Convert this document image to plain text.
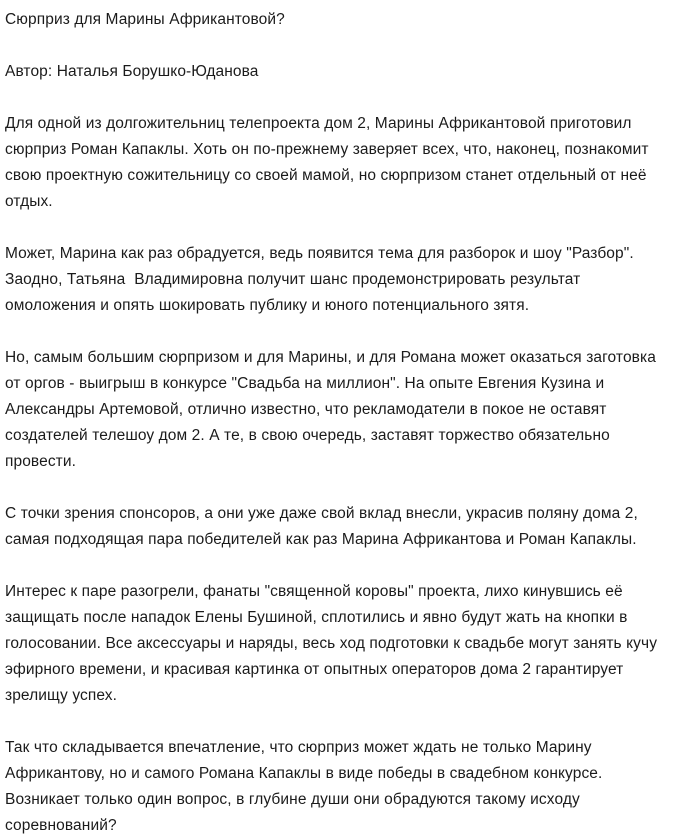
Сюрприз для Марины Африкантовой?
Автор: Наталья Борушко-Юданова

Для одной из долгожительниц телепроекта дом 2, Марины Африкантовой приготовил сюрприз Роман Капаклы. Хоть он по-прежнему заверяет всех, что, наконец, познакомит свою проектную сожительницу со своей мамой, но сюрпризом станет отдельный от неё отдых.

Может, Марина как раз обрадуется, ведь появится тема для разборок и шоу "Разбор". Заодно, Татьяна  Владимировна получит шанс продемонстрировать результат омоложения и опять шокировать публику и юного потенциального зятя.

Но, самым большим сюрпризом и для Марины, и для Романа может оказаться заготовка от оргов - выигрыш в конкурсе "Свадьба на миллион". На опыте Евгения Кузина и Александры Артемовой, отлично известно, что рекламодатели в покое не оставят создателей телешоу дом 2. А те, в свою очередь, заставят торжество обязательно провести.

С точки зрения спонсоров, а они уже даже свой вклад внесли, украсив поляну дома 2, самая подходящая пара победителей как раз Марина Африкантова и Роман Капаклы.

Интерес к паре разогрели, фанаты "священной коровы" проекта, лихо кинувшись её защищать после нападок Елены Бушиной, сплотились и явно будут жать на кнопки в голосовании. Все аксессуары и наряды, весь ход подготовки к свадьбе могут занять кучу эфирного времени, и красивая картинка от опытных операторов дома 2 гарантирует зрелищу успех.

Так что складывается впечатление, что сюрприз может ждать не только Марину Африкантову, но и самого Романа Капаклы в виде победы в свадебном конкурсе. Возникает только один вопрос, в глубине души они обрадуются такому исходу соревнований?
